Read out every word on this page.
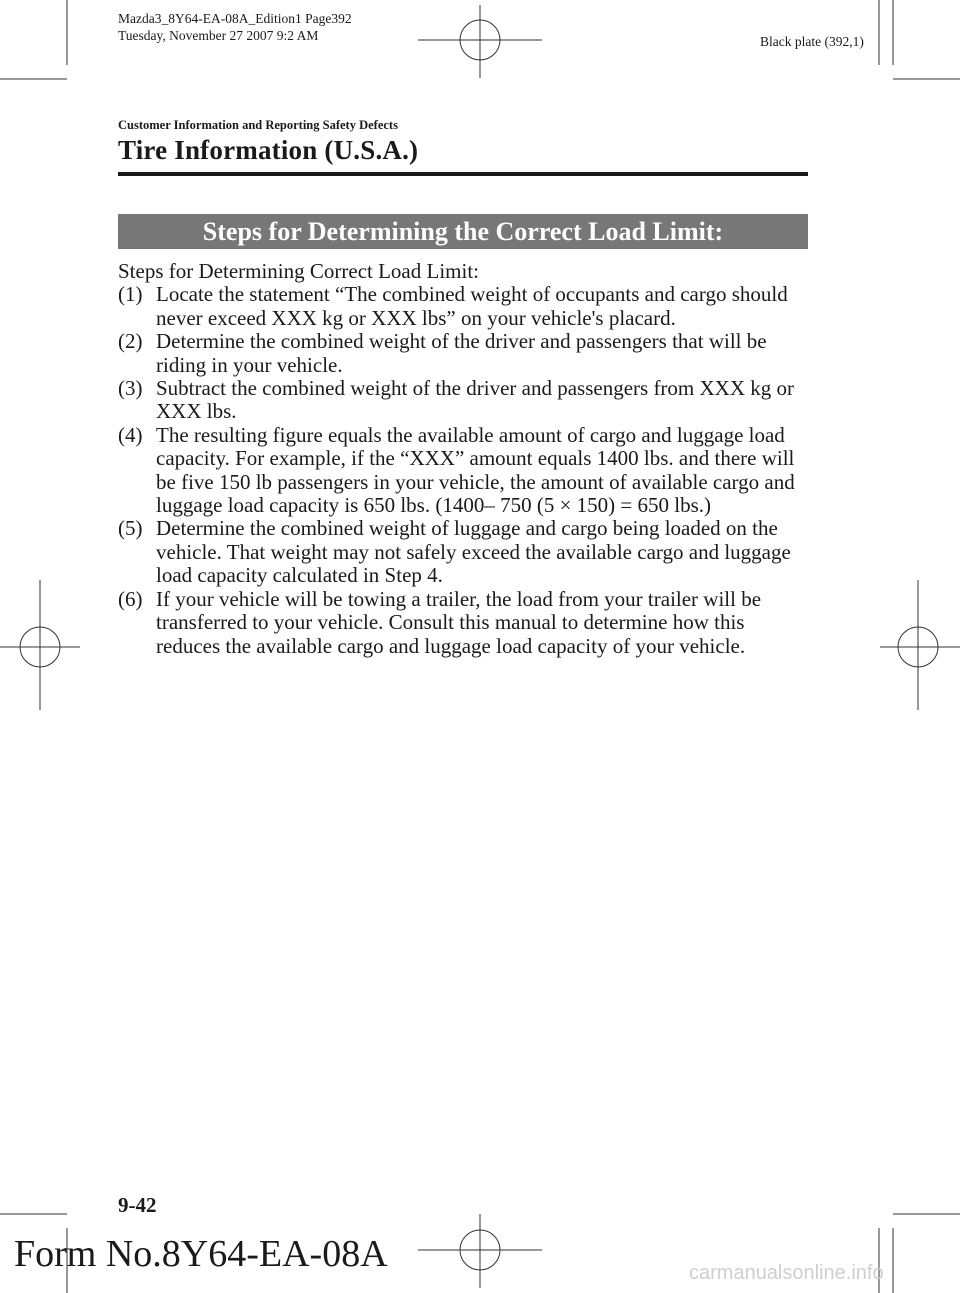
Mazda3_8Y64-EA-08A_Edition1 Page392
Tuesday, November 27 2007 9:2 AM	Black plate (392,1)
Customer Information and Reporting Safety Defects
Tire Information (U.S.A.)
Steps for Determining the Correct Load Limit:

Steps for Determining Correct Load Limit:

(1) Locate the statement “The combined weight of occupants and cargo should never exceed XXX kg or XXX lbs” on your vehicle's placard.
(2) Determine the combined weight of the driver and passengers that will be riding in your vehicle.
(3) Subtract the combined weight of the driver and passengers from XXX kg or XXX lbs.
(4) The resulting figure equals the available amount of cargo and luggage load capacity. For example, if the “XXX” amount equals 1400 lbs. and there will be five 150 lb passengers in your vehicle, the amount of available cargo and luggage load capacity is 650 lbs. (1400– 750 (5 × 150) = 650 lbs.)
(5) Determine the combined weight of luggage and cargo being loaded on the vehicle. That weight may not safely exceed the available cargo and luggage load capacity calculated in Step 4.
(6) If your vehicle will be towing a trailer, the load from your trailer will be transferred to your vehicle. Consult this manual to determine how this reduces the available cargo and luggage load capacity of your vehicle.
9-42
Form No.8Y64-EA-08A	carmanualsonline.info
